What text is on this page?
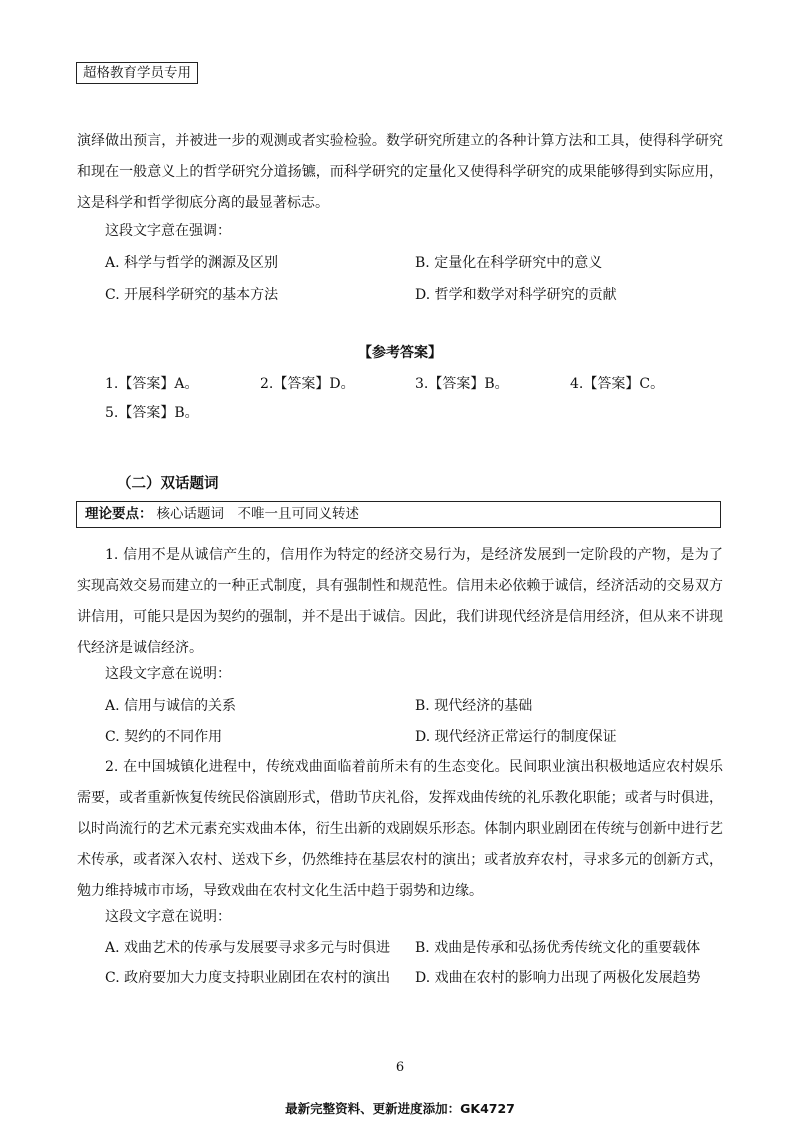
超格教育学员专用

演绎做出预言，并被进一步的观测或者实验检验。数学研究所建立的各种计算方法和工具，使得科学研究和现在一般意义上的哲学研究分道扬镳，而科学研究的定量化又使得科学研究的成果能够得到实际应用，这是科学和哲学彻底分离的最显著标志。

这段文字意在强调：
A. 科学与哲学的渊源及区别	B. 定量化在科学研究中的意义
C. 开展科学研究的基本方法	D. 哲学和数学对科学研究的贡献
【参考答案】
1.【答案】A。	2.【答案】D。	3.【答案】B。	4.【答案】C。
5.【答案】B。
（二）双话题词
理论要点： 核心话题词　不唯一且可同义转述

1. 信用不是从诚信产生的，信用作为特定的经济交易行为，是经济发展到一定阶段的产物，是为了实现高效交易而建立的一种正式制度，具有强制性和规范性。信用未必依赖于诚信，经济活动的交易双方讲信用，可能只是因为契约的强制，并不是出于诚信。因此，我们讲现代经济是信用经济，但从来不讲现代经济是诚信经济。

这段文字意在说明：
A. 信用与诚信的关系	B. 现代经济的基础
C. 契约的不同作用	D. 现代经济正常运行的制度保证

2. 在中国城镇化进程中，传统戏曲面临着前所未有的生态变化。民间职业演出积极地适应农村娱乐需要，或者重新恢复传统民俗演剧形式，借助节庆礼俗，发挥戏曲传统的礼乐教化职能；或者与时俱进，以时尚流行的艺术元素充实戏曲本体，衍生出新的戏剧娱乐形态。体制内职业剧团在传统与创新中进行艺术传承，或者深入农村、送戏下乡，仍然维持在基层农村的演出；或者放弃农村，寻求多元的创新方式，勉力维持城市市场，导致戏曲在农村文化生活中趋于弱势和边缘。

这段文字意在说明：
A. 戏曲艺术的传承与发展要寻求多元与时俱进 B. 戏曲是传承和弘扬优秀传统文化的重要载体
C. 政府要加大力度支持职业剧团在农村的演出 D. 戏曲在农村的影响力出现了两极化发展趋势
6
最新完整资料、更新进度添加：GK4727
